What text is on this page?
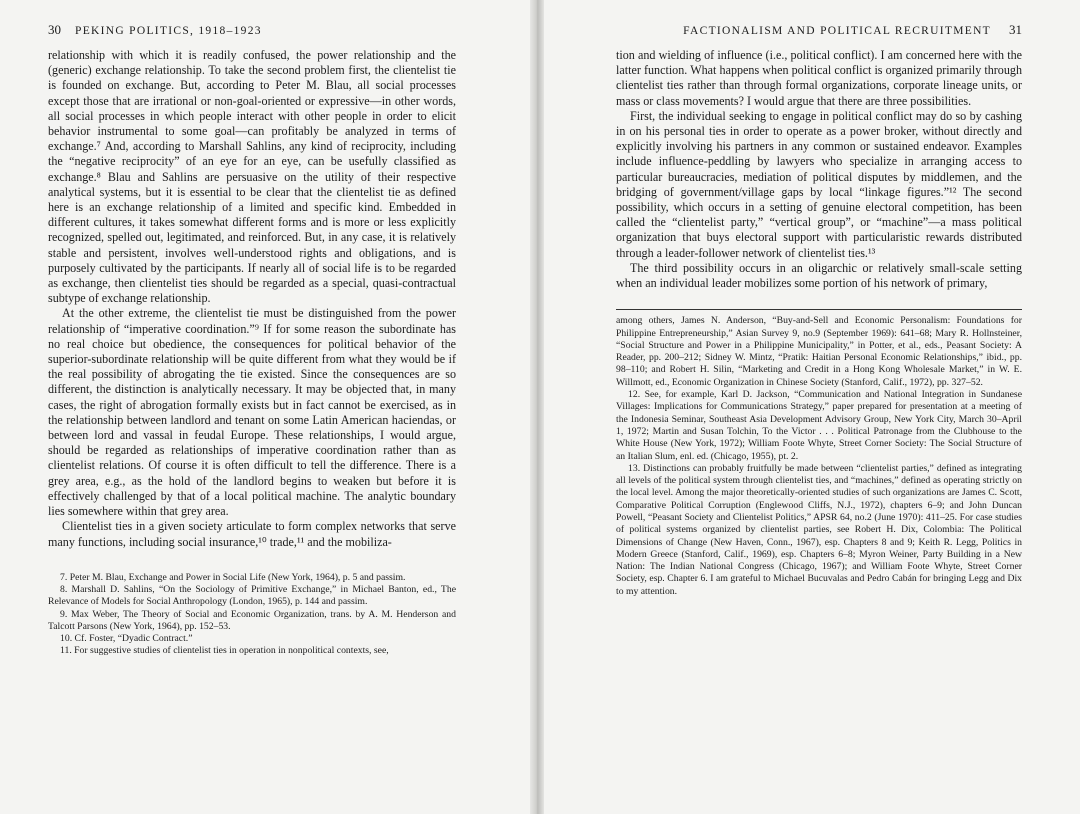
30 PEKING POLITICS, 1918–1923

relationship with which it is readily confused, the power relationship and the (generic) exchange relationship. To take the second problem first, the clientelist tie is founded on exchange. But, according to Peter M. Blau, all social processes except those that are irrational or non-goal-oriented or expressive—in other words, all social processes in which people interact with other people in order to elicit behavior instrumental to some goal—can profitably be analyzed in terms of exchange.⁷ And, according to Marshall Sahlins, any kind of reciprocity, including the “negative reciprocity” of an eye for an eye, can be usefully classified as exchange.⁸ Blau and Sahlins are persuasive on the utility of their respective analytical systems, but it is essential to be clear that the clientelist tie as defined here is an exchange relationship of a limited and specific kind. Embedded in different cultures, it takes somewhat different forms and is more or less explicitly recognized, spelled out, legitimated, and reinforced. But, in any case, it is relatively stable and persistent, involves well-understood rights and obligations, and is purposely cultivated by the participants. If nearly all of social life is to be regarded as exchange, then clientelist ties should be regarded as a special, quasi-contractual subtype of exchange relationship.

At the other extreme, the clientelist tie must be distinguished from the power relationship of “imperative coordination.”⁹ If for some reason the subordinate has no real choice but obedience, the consequences for political behavior of the superior-subordinate relationship will be quite different from what they would be if the real possibility of abrogating the tie existed. Since the consequences are so different, the distinction is analytically necessary. It may be objected that, in many cases, the right of abrogation formally exists but in fact cannot be exercised, as in the relationship between landlord and tenant on some Latin American haciendas, or between lord and vassal in feudal Europe. These relationships, I would argue, should be regarded as relationships of imperative coordination rather than as clientelist relations. Of course it is often difficult to tell the difference. There is a grey area, e.g., as the hold of the landlord begins to weaken but before it is effectively challenged by that of a local political machine. The analytic boundary lies somewhere within that grey area.

Clientelist ties in a given society articulate to form complex networks that serve many functions, including social insurance,¹⁰ trade,¹¹ and the mobiliza-

7. Peter M. Blau, Exchange and Power in Social Life (New York, 1964), p. 5 and passim.

8. Marshall D. Sahlins, “On the Sociology of Primitive Exchange,” in Michael Banton, ed., The Relevance of Models for Social Anthropology (London, 1965), p. 144 and passim.

9. Max Weber, The Theory of Social and Economic Organization, trans. by A. M. Henderson and Talcott Parsons (New York, 1964), pp. 152–53.

10. Cf. Foster, “Dyadic Contract.”

11. For suggestive studies of clientelist ties in operation in nonpolitical contexts, see,

FACTIONALISM AND POLITICAL RECRUITMENT 31

tion and wielding of influence (i.e., political conflict). I am concerned here with the latter function. What happens when political conflict is organized primarily through clientelist ties rather than through formal organizations, corporate lineage units, or mass or class movements? I would argue that there are three possibilities.

First, the individual seeking to engage in political conflict may do so by cashing in on his personal ties in order to operate as a power broker, without directly and explicitly involving his partners in any common or sustained endeavor. Examples include influence-peddling by lawyers who specialize in arranging access to particular bureaucracies, mediation of political disputes by middlemen, and the bridging of government/village gaps by local “linkage figures.”¹² The second possibility, which occurs in a setting of genuine electoral competition, has been called the “clientelist party,” “vertical group”, or “machine”—a mass political organization that buys electoral support with particularistic rewards distributed through a leader-follower network of clientelist ties.¹³

The third possibility occurs in an oligarchic or relatively small-scale setting when an individual leader mobilizes some portion of his network of primary,

among others, James N. Anderson, “Buy-and-Sell and Economic Personalism: Foundations for Philippine Entrepreneurship,” Asian Survey 9, no.9 (September 1969): 641–68; Mary R. Hollnsteiner, “Social Structure and Power in a Philippine Municipality,” in Potter, et al., eds., Peasant Society: A Reader, pp. 200–212; Sidney W. Mintz, “Pratik: Haitian Personal Economic Relationships,” ibid., pp. 98–110; and Robert H. Silin, “Marketing and Credit in a Hong Kong Wholesale Market,” in W. E. Willmott, ed., Economic Organization in Chinese Society (Stanford, Calif., 1972), pp. 327–52.

12. See, for example, Karl D. Jackson, “Communication and National Integration in Sundanese Villages: Implications for Communications Strategy,” paper prepared for presentation at a meeting of the Indonesia Seminar, Southeast Asia Development Advisory Group, New York City, March 30–April 1, 1972; Martin and Susan Tolchin, To the Victor . . . Political Patronage from the Clubhouse to the White House (New York, 1972); William Foote Whyte, Street Corner Society: The Social Structure of an Italian Slum, enl. ed. (Chicago, 1955), pt. 2.

13. Distinctions can probably fruitfully be made between “clientelist parties,” defined as integrating all levels of the political system through clientelist ties, and “machines,” defined as operating strictly on the local level. Among the major theoretically-oriented studies of such organizations are James C. Scott, Comparative Political Corruption (Englewood Cliffs, N.J., 1972), chapters 6–9; and John Duncan Powell, “Peasant Society and Clientelist Politics,” APSR 64, no.2 (June 1970): 411–25. For case studies of political systems organized by clientelist parties, see Robert H. Dix, Colombia: The Political Dimensions of Change (New Haven, Conn., 1967), esp. Chapters 8 and 9; Keith R. Legg, Politics in Modern Greece (Stanford, Calif., 1969), esp. Chapters 6–8; Myron Weiner, Party Building in a New Nation: The Indian National Congress (Chicago, 1967); and William Foote Whyte, Street Corner Society, esp. Chapter 6. I am grateful to Michael Bucuvalas and Pedro Cabán for bringing Legg and Dix to my attention.
